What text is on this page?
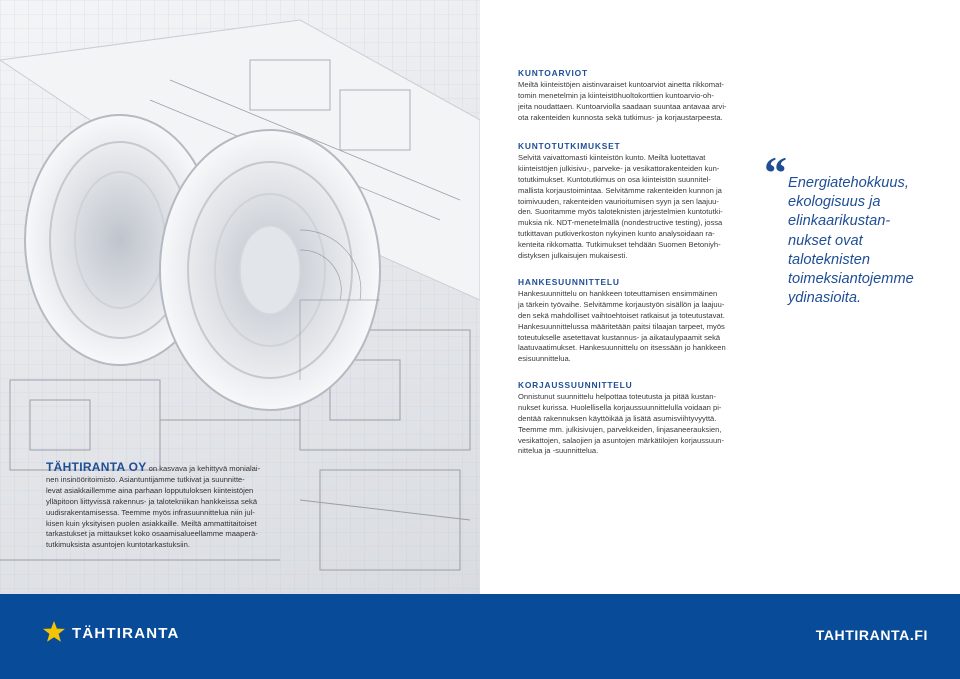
TÄHTIRANTA OY on kasvava ja kehittyvä monialai-
nen insinööritoimisto. Asiantuntijamme tutkivat ja suunnitte-
levat asiakkaillemme aina parhaan lopputuloksen kiinteistöjen
ylläpitoon liittyvissä rakennus- ja talotekniikan hankkeissa sekä
uudisrakentamisessa. Teemme myös infrasuunnittelua niin jul-
kisen kuin yksityisen puolen asiakkaille. Meiltä ammattitaitoiset
tarkastukset ja mittaukset koko osaamisalueellamme maaperä-
tutkimuksista asuntojen kuntotarkastuksiin.
KUNTOARVIOT
Meiltä kiinteistöjen aistinvaraiset kuntoarviot ainetta rikkomat-
tomin menetelmin ja kiinteistöhuoltokorttien kuntoarvio-oh-
jeita noudattaen. Kuntoarviolla saadaan suuntaa antavaa arvi-
ota rakenteiden kunnosta sekä tutkimus- ja korjaustarpeesta.
KUNTOTUTKIMUKSET
Selvitä vaivattomasti kiinteistön kunto. Meiltä luotettavat
kiinteistöjen julkisivu-, parveke- ja vesikattorakenteiden kun-
totutkimukset. Kuntotutkimus on osa kiinteistön suunnitel-
mallista korjaustoimintaa. Selvitämme rakenteiden kunnon ja
toimivuuden, rakenteiden vaurioitumisen syyn ja sen laajuu-
den. Suoritamme myös taloteknisten järjestelmien kuntotutki-
muksia nk. NDT-menetelmällä (nondestructive testing), jossa
tutkittavan putkiverkoston nykyinen kunto analysoidaan ra-
kenteita rikkomatta. Tutkimukset tehdään Suomen Betoniyh-
distyksen julkaisujen mukaisesti.
HANKESUUNNITTELU
Hankesuunnittelu on hankkeen toteuttamisen ensimmäinen
ja tärkein työvaihe. Selvitämme korjaustyön sisällön ja laajuu-
den sekä mahdolliset vaihtoehtoiset ratkaisut ja toteutustavat.
Hankesuunnittelussa määritetään paitsi tilaajan tarpeet, myös
toteutukselle asetettavat kustannus- ja aikataulураamit sekä
laatuvaatimukset. Hankesuunnittelu on itsessään jo hankkeen
esisuunnittelua.
KORJAUSSUUNNITTELU
Onnistunut suunnittelu helpottaa toteutusta ja pitää kustan-
nukset kurissa. Huolellisella korjaussuunnittelulla voidaan pi-
dentää rakennuksen käyttöikää ja lisätä asumisviihtyvyyttä.
Teemme mm. julkisivujen, parvekkeiden, linjasaneerauksien,
vesikattojen, salaojien ja asuntojen märkätilojen korjaussuun-
nittelua ja -suunnittelua.
“ Energiatehokkuus,
ekologisuus ja
elinkaarikustan-
nukset ovat
taloteknisten
toimeksiantojemme
ydinasioita.
TÄHTIRANTA	TAHTIRANTA.FI
